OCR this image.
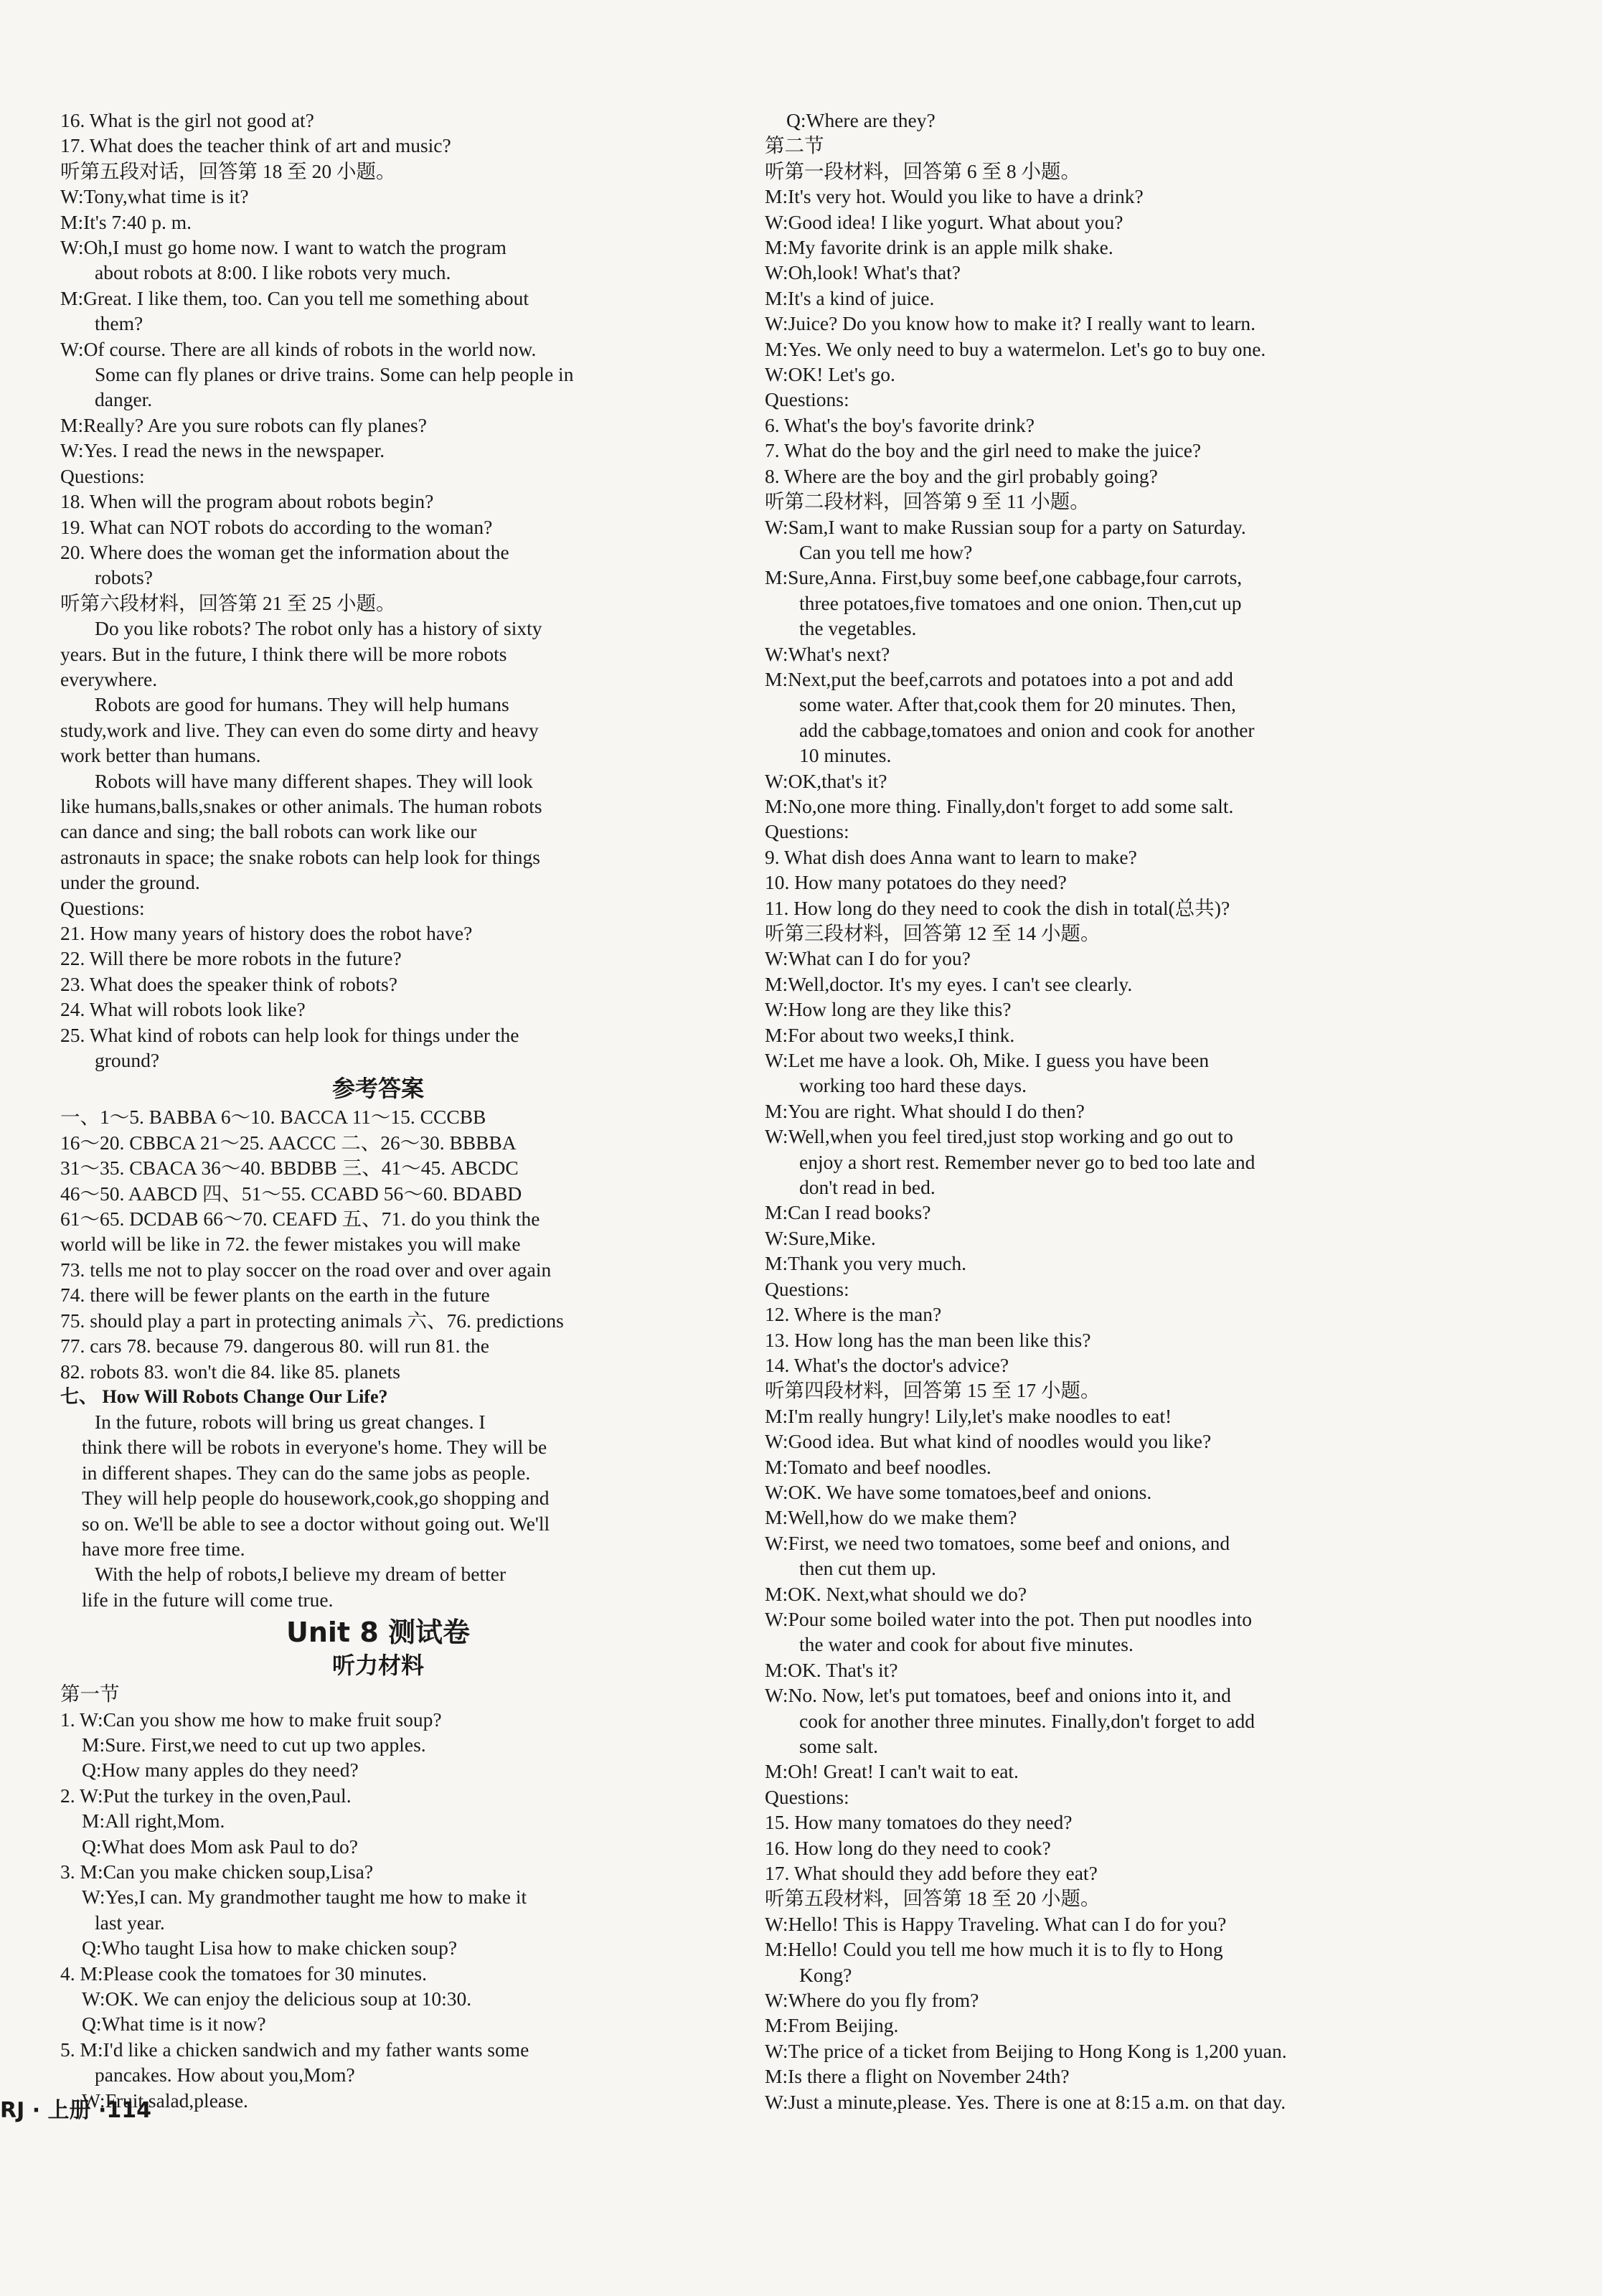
16. What is the girl not good at?
17. What does the teacher think of art and music?
听第五段对话，回答第 18 至 20 小题。
W:Tony,what time is it?
M:It's 7:40 p. m.
W:Oh,I must go home now. I want to watch the program
about robots at 8:00. I like robots very much.
M:Great. I like them, too. Can you tell me something about
them?
W:Of course. There are all kinds of robots in the world now.
Some can fly planes or drive trains. Some can help people in
danger.
M:Really? Are you sure robots can fly planes?
W:Yes. I read the news in the newspaper.
Questions:
18. When will the program about robots begin?
19. What can NOT robots do according to the woman?
20. Where does the woman get the information about the
robots?
听第六段材料，回答第 21 至 25 小题。
Do you like robots? The robot only has a history of sixty
years. But in the future, I think there will be more robots
everywhere.
Robots are good for humans. They will help humans
study,work and live. They can even do some dirty and heavy
work better than humans.
Robots will have many different shapes. They will look
like humans,balls,snakes or other animals. The human robots
can dance and sing; the ball robots can work like our
astronauts in space; the snake robots can help look for things
under the ground.
Questions:
21. How many years of history does the robot have?
22. Will there be more robots in the future?
23. What does the speaker think of robots?
24. What will robots look like?
25. What kind of robots can help look for things under the
ground?
参考答案
一、1～5. BABBA 6～10. BACCA 11～15. CCCBB
16～20. CBBCA 21～25. AACCC 二、26～30. BBBBA
31～35. CBACA 36～40. BBDBB 三、41～45. ABCDC
46～50. AABCD 四、51～55. CCABD 56～60. BDABD
61～65. DCDAB 66～70. CEAFD 五、71. do you think the
world will be like in 72. the fewer mistakes you will make
73. tells me not to play soccer on the road over and over again
74. there will be fewer plants on the earth in the future
75. should play a part in protecting animals 六、76. predictions
77. cars 78. because 79. dangerous 80. will run 81. the
82. robots 83. won't die 84. like 85. planets
七、 How Will Robots Change Our Life?
In the future, robots will bring us great changes. I
think there will be robots in everyone's home. They will be
in different shapes. They can do the same jobs as people.
They will help people do housework,cook,go shopping and
so on. We'll be able to see a doctor without going out. We'll
have more free time.
With the help of robots,I believe my dream of better
life in the future will come true.
Unit 8 测试卷
听力材料
第一节
1. W:Can you show me how to make fruit soup?
M:Sure. First,we need to cut up two apples.
Q:How many apples do they need?
2. W:Put the turkey in the oven,Paul.
M:All right,Mom.
Q:What does Mom ask Paul to do?
3. M:Can you make chicken soup,Lisa?
W:Yes,I can. My grandmother taught me how to make it
last year.
Q:Who taught Lisa how to make chicken soup?
4. M:Please cook the tomatoes for 30 minutes.
W:OK. We can enjoy the delicious soup at 10:30.
Q:What time is it now?
5. M:I'd like a chicken sandwich and my father wants some
pancakes. How about you,Mom?
W:Fruit salad,please.
Q:Where are they?
第二节
听第一段材料，回答第 6 至 8 小题。
M:It's very hot. Would you like to have a drink?
W:Good idea! I like yogurt. What about you?
M:My favorite drink is an apple milk shake.
W:Oh,look! What's that?
M:It's a kind of juice.
W:Juice? Do you know how to make it? I really want to learn.
M:Yes. We only need to buy a watermelon. Let's go to buy one.
W:OK! Let's go.
Questions:
6. What's the boy's favorite drink?
7. What do the boy and the girl need to make the juice?
8. Where are the boy and the girl probably going?
听第二段材料，回答第 9 至 11 小题。
W:Sam,I want to make Russian soup for a party on Saturday.
Can you tell me how?
M:Sure,Anna. First,buy some beef,one cabbage,four carrots,
three potatoes,five tomatoes and one onion. Then,cut up
the vegetables.
W:What's next?
M:Next,put the beef,carrots and potatoes into a pot and add
some water. After that,cook them for 20 minutes. Then,
add the cabbage,tomatoes and onion and cook for another
10 minutes.
W:OK,that's it?
M:No,one more thing. Finally,don't forget to add some salt.
Questions:
9. What dish does Anna want to learn to make?
10. How many potatoes do they need?
11. How long do they need to cook the dish in total(总共)?
听第三段材料，回答第 12 至 14 小题。
W:What can I do for you?
M:Well,doctor. It's my eyes. I can't see clearly.
W:How long are they like this?
M:For about two weeks,I think.
W:Let me have a look. Oh, Mike. I guess you have been
working too hard these days.
M:You are right. What should I do then?
W:Well,when you feel tired,just stop working and go out to
enjoy a short rest. Remember never go to bed too late and
don't read in bed.
M:Can I read books?
W:Sure,Mike.
M:Thank you very much.
Questions:
12. Where is the man?
13. How long has the man been like this?
14. What's the doctor's advice?
听第四段材料，回答第 15 至 17 小题。
M:I'm really hungry! Lily,let's make noodles to eat!
W:Good idea. But what kind of noodles would you like?
M:Tomato and beef noodles.
W:OK. We have some tomatoes,beef and onions.
M:Well,how do we make them?
W:First, we need two tomatoes, some beef and onions, and
then cut them up.
M:OK. Next,what should we do?
W:Pour some boiled water into the pot. Then put noodles into
the water and cook for about five minutes.
M:OK. That's it?
W:No. Now, let's put tomatoes, beef and onions into it, and
cook for another three minutes. Finally,don't forget to add
some salt.
M:Oh! Great! I can't wait to eat.
Questions:
15. How many tomatoes do they need?
16. How long do they need to cook?
17. What should they add before they eat?
听第五段材料，回答第 18 至 20 小题。
W:Hello! This is Happy Traveling. What can I do for you?
M:Hello! Could you tell me how much it is to fly to Hong
Kong?
W:Where do you fly from?
M:From Beijing.
W:The price of a ticket from Beijing to Hong Kong is 1,200 yuan.
M:Is there a flight on November 24th?
W:Just a minute,please. Yes. There is one at 8:15 a.m. on that day.
RJ · 上册 ·114
